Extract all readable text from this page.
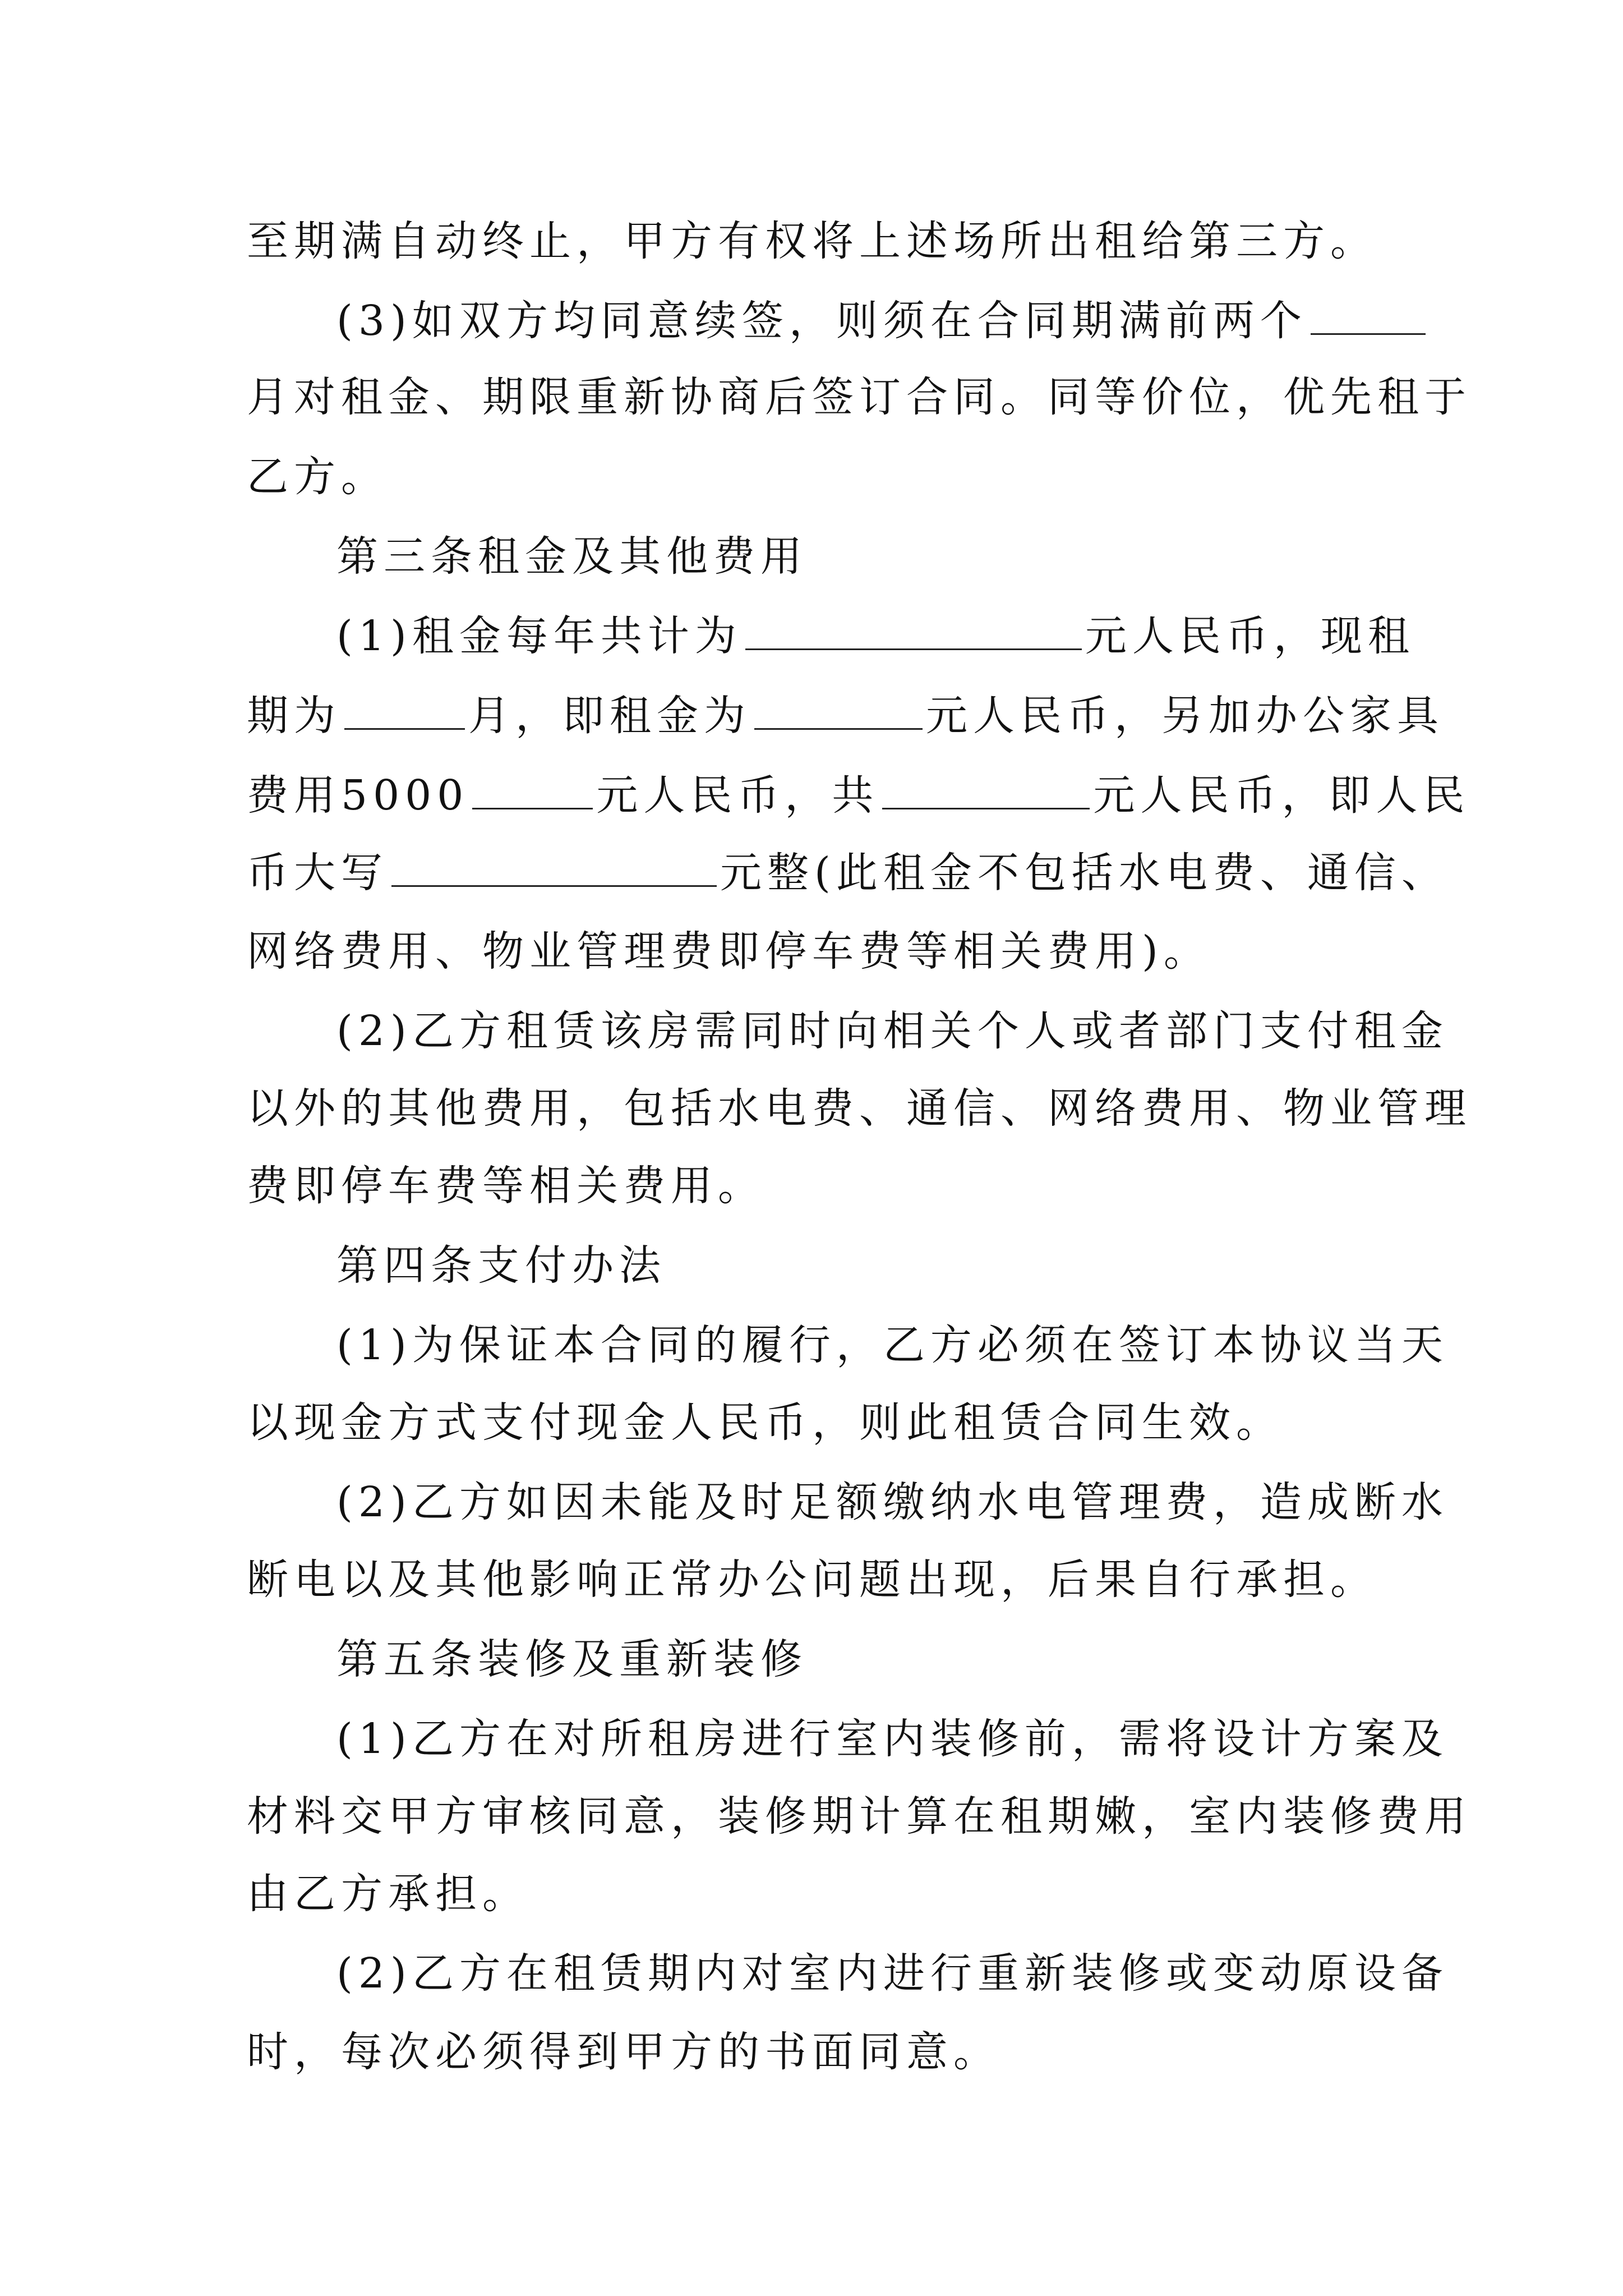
至期满自动终止，甲方有权将上述场所出租给第三方。

(3)如双方均同意续签，则须在合同期满前两个

月对租金、期限重新协商后签订合同。同等价位，优先租于

乙方。

第三条租金及其他费用

(1)租金每年共计为	元人民币，现租

期为	月，即租金为	元人民币，另加办公家具

费用5000	元人民币，共	元人民币，即人民

币大写	元整(此租金不包括水电费、通信、

网络费用、物业管理费即停车费等相关费用)。

(2)乙方租赁该房需同时向相关个人或者部门支付租金

以外的其他费用，包括水电费、通信、网络费用、物业管理

费即停车费等相关费用。

第四条支付办法

(1)为保证本合同的履行，乙方必须在签订本协议当天

以现金方式支付现金人民币，则此租赁合同生效。

(2)乙方如因未能及时足额缴纳水电管理费，造成断水

断电以及其他影响正常办公问题出现，后果自行承担。

第五条装修及重新装修

(1)乙方在对所租房进行室内装修前，需将设计方案及

材料交甲方审核同意，装修期计算在租期嫩，室内装修费用

由乙方承担。

(2)乙方在租赁期内对室内进行重新装修或变动原设备

时，每次必须得到甲方的书面同意。
